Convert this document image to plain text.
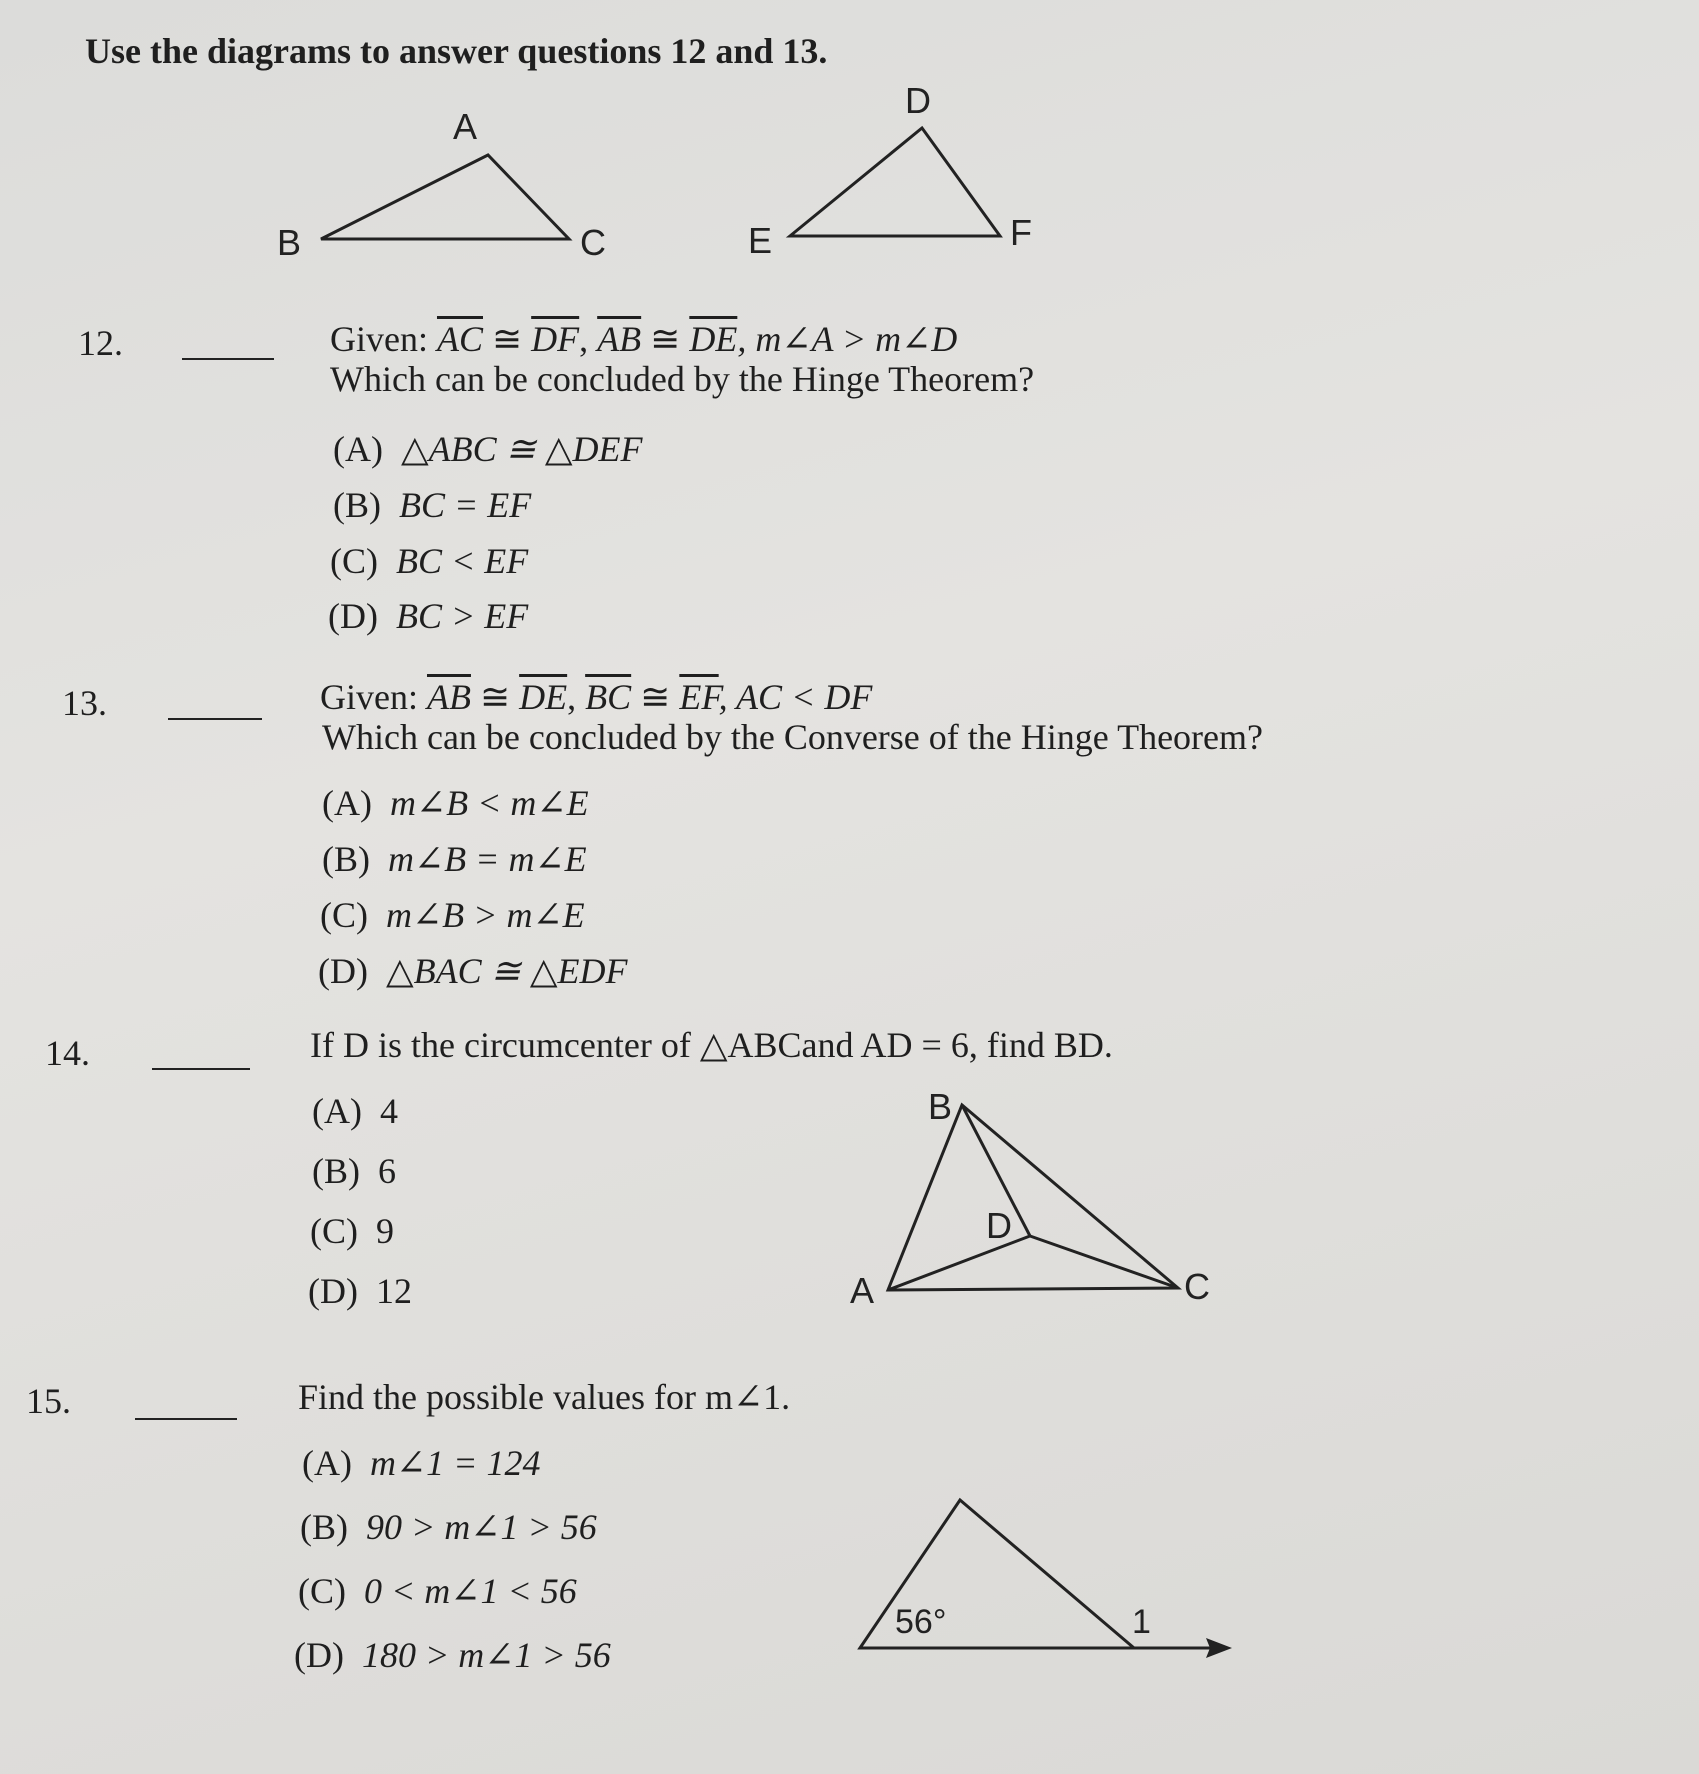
Use the diagrams to answer questions 12 and 13.
A
B	C
D
E	F
12.	Given: $\overline{AC}$ ≅ $\overline{DF}$, $\overline{AB}$ ≅ $\overline{DE}$, m∠A > m∠D
Which can be concluded by the Hinge Theorem?
(A) △ABC ≅ △DEF
(B) BC = EF
(C) BC < EF
(D) BC > EF
13.	Given: $\overline{AB}$ ≅ $\overline{DE}$, $\overline{BC}$ ≅ $\overline{EF}$, AC < DF
Which can be concluded by the Converse of the Hinge Theorem?
(A) m∠B < m∠E
(B) m∠B = m∠E
(C) m∠B > m∠E
(D) △BAC ≅ △EDF
14.	If D is the circumcenter of △ABCand AD = 6, find BD.
(A) 4
(B) 6
(C) 9
(D) 12
B
D
A	C
15.	Find the possible values for m∠1.
(A) m∠1 = 124
(B) 90 > m∠1 > 56
(C) 0 < m∠1 < 56
(D) 180 > m∠1 > 56
56°	1
